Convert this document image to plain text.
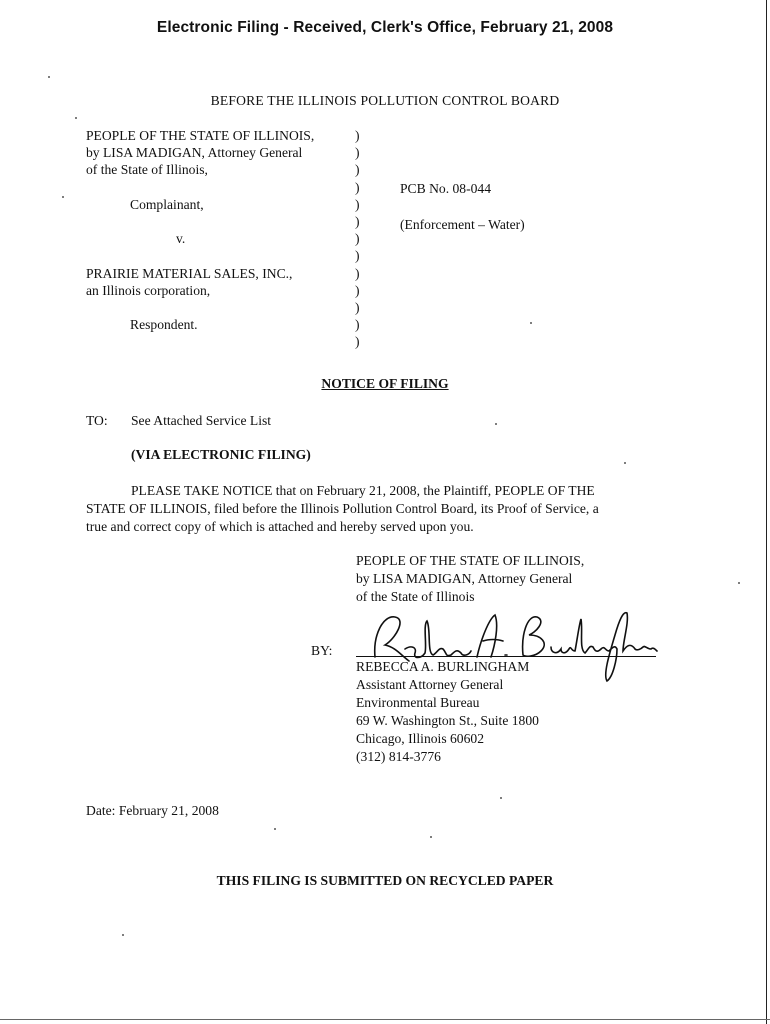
Electronic Filing - Received, Clerk's Office, February 21, 2008
BEFORE THE ILLINOIS POLLUTION CONTROL BOARD
PEOPLE OF THE STATE OF ILLINOIS,
by LISA MADIGAN, Attorney General
of the State of Illinois,
Complainant,
v.
PRAIRIE MATERIAL SALES, INC.,
an Illinois corporation,
Respondent.
)
)
)
)
)
)
)
)
)
)
)
)
)
PCB No. 08-044
(Enforcement – Water)
NOTICE OF FILING
TO: See Attached Service List
(VIA ELECTRONIC FILING)
PLEASE TAKE NOTICE that on February 21, 2008, the Plaintiff, PEOPLE OF THE
STATE OF ILLINOIS, filed before the Illinois Pollution Control Board, its Proof of Service, a
true and correct copy of which is attached and hereby served upon you.
PEOPLE OF THE STATE OF ILLINOIS,
by LISA MADIGAN, Attorney General
of the State of Illinois
BY:
REBECCA A. BURLINGHAM
Assistant Attorney General
Environmental Bureau
69 W. Washington St., Suite 1800
Chicago, Illinois 60602
(312) 814-3776
Date: February 21, 2008
THIS FILING IS SUBMITTED ON RECYCLED PAPER
